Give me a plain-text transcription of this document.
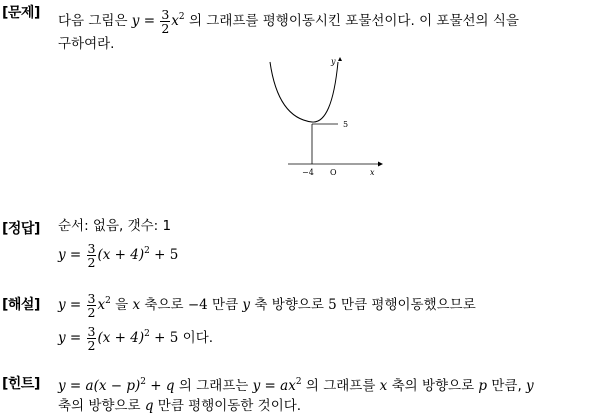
[문제] 다음 그림은 $y = \frac{3}{2} x^2$ 의 그래프를 평행이동시킨 포물선이다. 이 포물선의 식을
구하여라.
y
5
−4 O	x
[정답] 순서: 없음, 갯수: 1
$y = \frac{3}{2} (x + 4)^2 + 5$
[해설] $y = \frac{3}{2} x^2$ 을 x 축으로 −4 만큼 y 축 방향으로 5 만큼 평행이동했으므로
$y = \frac{3}{2} (x + 4)^2 + 5$ 이다.
[힌트] $y = a(x - p)^2 + q$ 의 그래프는 $y = ax^2$ 의 그래프를 x 축의 방향으로 p 만큼, y
축의 방향으로 q 만큼 평행이동한 것이다.
